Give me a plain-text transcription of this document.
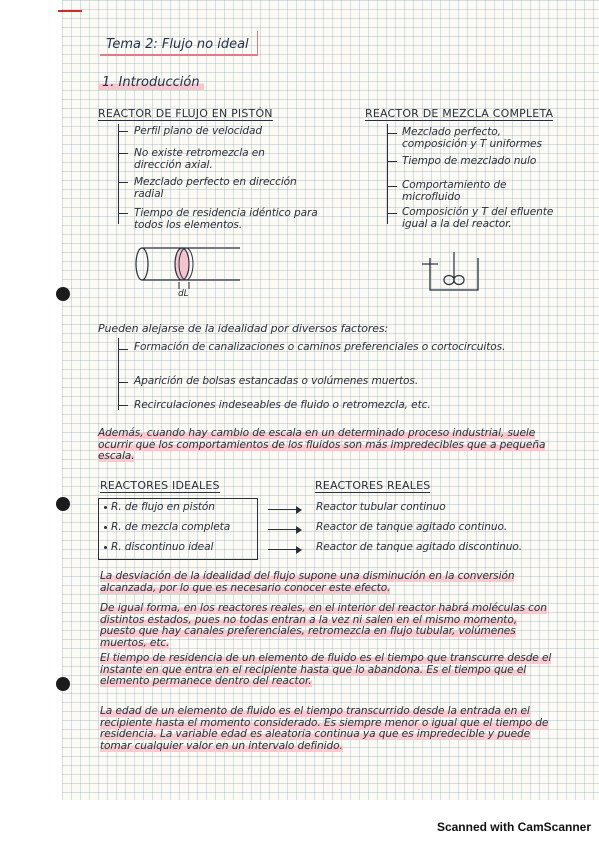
Tema 2: Flujo no ideal
1. Introducción
REACTOR DE FLUJO EN PISTÓN
Perfil plano de velocidad
No existe retromezcla en dirección axial.
Mezclado perfecto en dirección radial
Tiempo de residencia idéntico para todos los elementos.
dL
REACTOR DE MEZCLA COMPLETA
Mezclado perfecto, composición y T uniformes
Tiempo de mezclado nulo
Comportamiento de microfluido
Composición y T del efluente igual a la del reactor.
Pueden alejarse de la idealidad por diversos factores:
Formación de canalizaciones o caminos preferenciales o cortocircuitos.
Aparición de bolsas estancadas o volúmenes muertos.
Recirculaciones indeseables de fluido o retromezcla, etc.
Además, cuando hay cambio de escala en un determinado proceso industrial, suele ocurrir que los comportamientos de los fluidos son más impredecibles que a pequeña escala.
REACTORES IDEALES	REACTORES REALES
R. de flujo en pistón
R. de mezcla completa
R. discontinuo ideal
Reactor tubular continuo
Reactor de tanque agitado continuo.
Reactor de tanque agitado discontinuo.
La desviación de la idealidad del flujo supone una disminución en la conversión alcanzada, por lo que es necesario conocer este efecto.
De igual forma, en los reactores reales, en el interior del reactor habrá moléculas con distintos estados, pues no todas entran a la vez ni salen en el mismo momento, puesto que hay canales preferenciales, retromezcla en flujo tubular, volúmenes muertos, etc.
El tiempo de residencia de un elemento de fluido es el tiempo que transcurre desde el instante en que entra en el recipiente hasta que lo abandona. Es el tiempo que el elemento permanece dentro del reactor.
La edad de un elemento de fluido es el tiempo transcurrido desde la entrada en el recipiente hasta el momento considerado. Es siempre menor o igual que el tiempo de residencia. La variable edad es aleatoria continua ya que es impredecible y puede tomar cualquier valor en un intervalo definido.
Scanned with CamScanner
